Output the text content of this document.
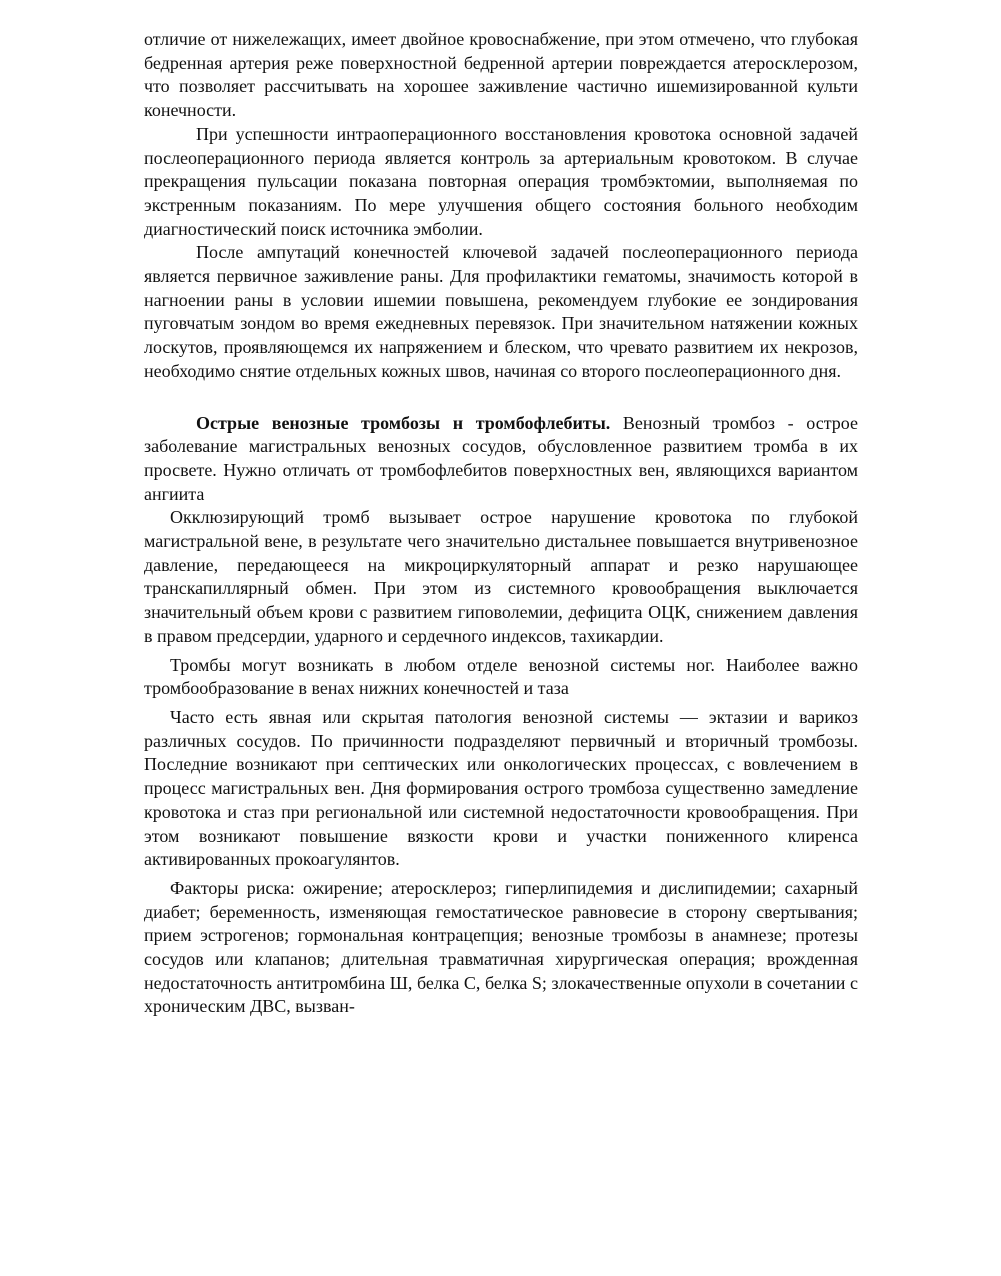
отличие от нижележащих, имеет двойное кровоснабжение, при этом отмечено, что глубокая бедренная артерия реже поверхностной бедренной артерии повреждается атеросклерозом, что позволяет рассчитывать на хорошее заживление частично ишемизированной культи конечности.

При успешности интраоперационного восстановления кровотока основной задачей послеоперационного периода является контроль за артериальным кровотоком. В случае прекращения пульсации показана повторная операция тромбэктомии, выполняемая по экстренным показаниям. По мере улучшения общего состояния больного необходим диагностический поиск источника эмболии.

После ампутаций конечностей ключевой задачей послеоперационного периода является первичное заживление раны. Для профилактики гематомы, значимость которой в нагноении раны в условии ишемии повышена, рекомендуем глубокие ее зондирования пуговчатым зондом во время ежедневных перевязок. При значительном натяжении кожных лоскутов, проявляющемся их напряжением и блеском, что чревато развитием их некрозов, необходимо снятие отдельных кожных швов, начиная со второго послеоперационного дня.

Острые венозные тромбозы н тромбофлебиты. Венозный тромбоз - острое заболевание магистральных венозных сосудов, обусловленное развитием тромба в их просвете. Нужно отличать от тромбофлебитов поверхностных вен, являющихся вариантом ангиита

Окклюзирующий тромб вызывает острое нарушение кровотока по глубокой магистральной вене, в результате чего значительно дистальнее повышается внутривенозное давление, передающееся на микроциркуляторный аппарат и резко нарушающее транскапиллярный обмен. При этом из системного кровообращения выключается значительный объем крови с развитием гиповолемии, дефицита ОЦК, снижением давления в правом предсердии, ударного и сердечного индексов, тахикардии.

Тромбы могут возникать в любом отделе венозной системы ног. Наиболее важно тромбообразование в венах нижних конечностей и таза

Часто есть явная или скрытая патология венозной системы — эктазии и варикоз различных сосудов. По причинности подразделяют первичный и вторичный тромбозы. Последние возникают при септических или онкологических процессах, с вовлечением в процесс магистральных вен. Дня формирования острого тромбоза существенно замедление кровотока и стаз при региональной или системной недостаточности кровообращения. При этом возникают повышение вязкости крови и участки пониженного клиренса активированных прокоагулянтов.

Факторы риска: ожирение; атеросклероз; гиперлипидемия и дислипидемии; сахарный диабет; беременность, изменяющая гемостатическое равновесие в сторону свертывания; прием эстрогенов; гормональная контрацепция; венозные тромбозы в анамнезе; протезы сосудов или клапанов; длительная травматичная хирургическая операция; врожденная недостаточность антитромбина Ш, белка С, белка S; злокачественные опухоли в сочетании с хроническим ДВС, вызван-
